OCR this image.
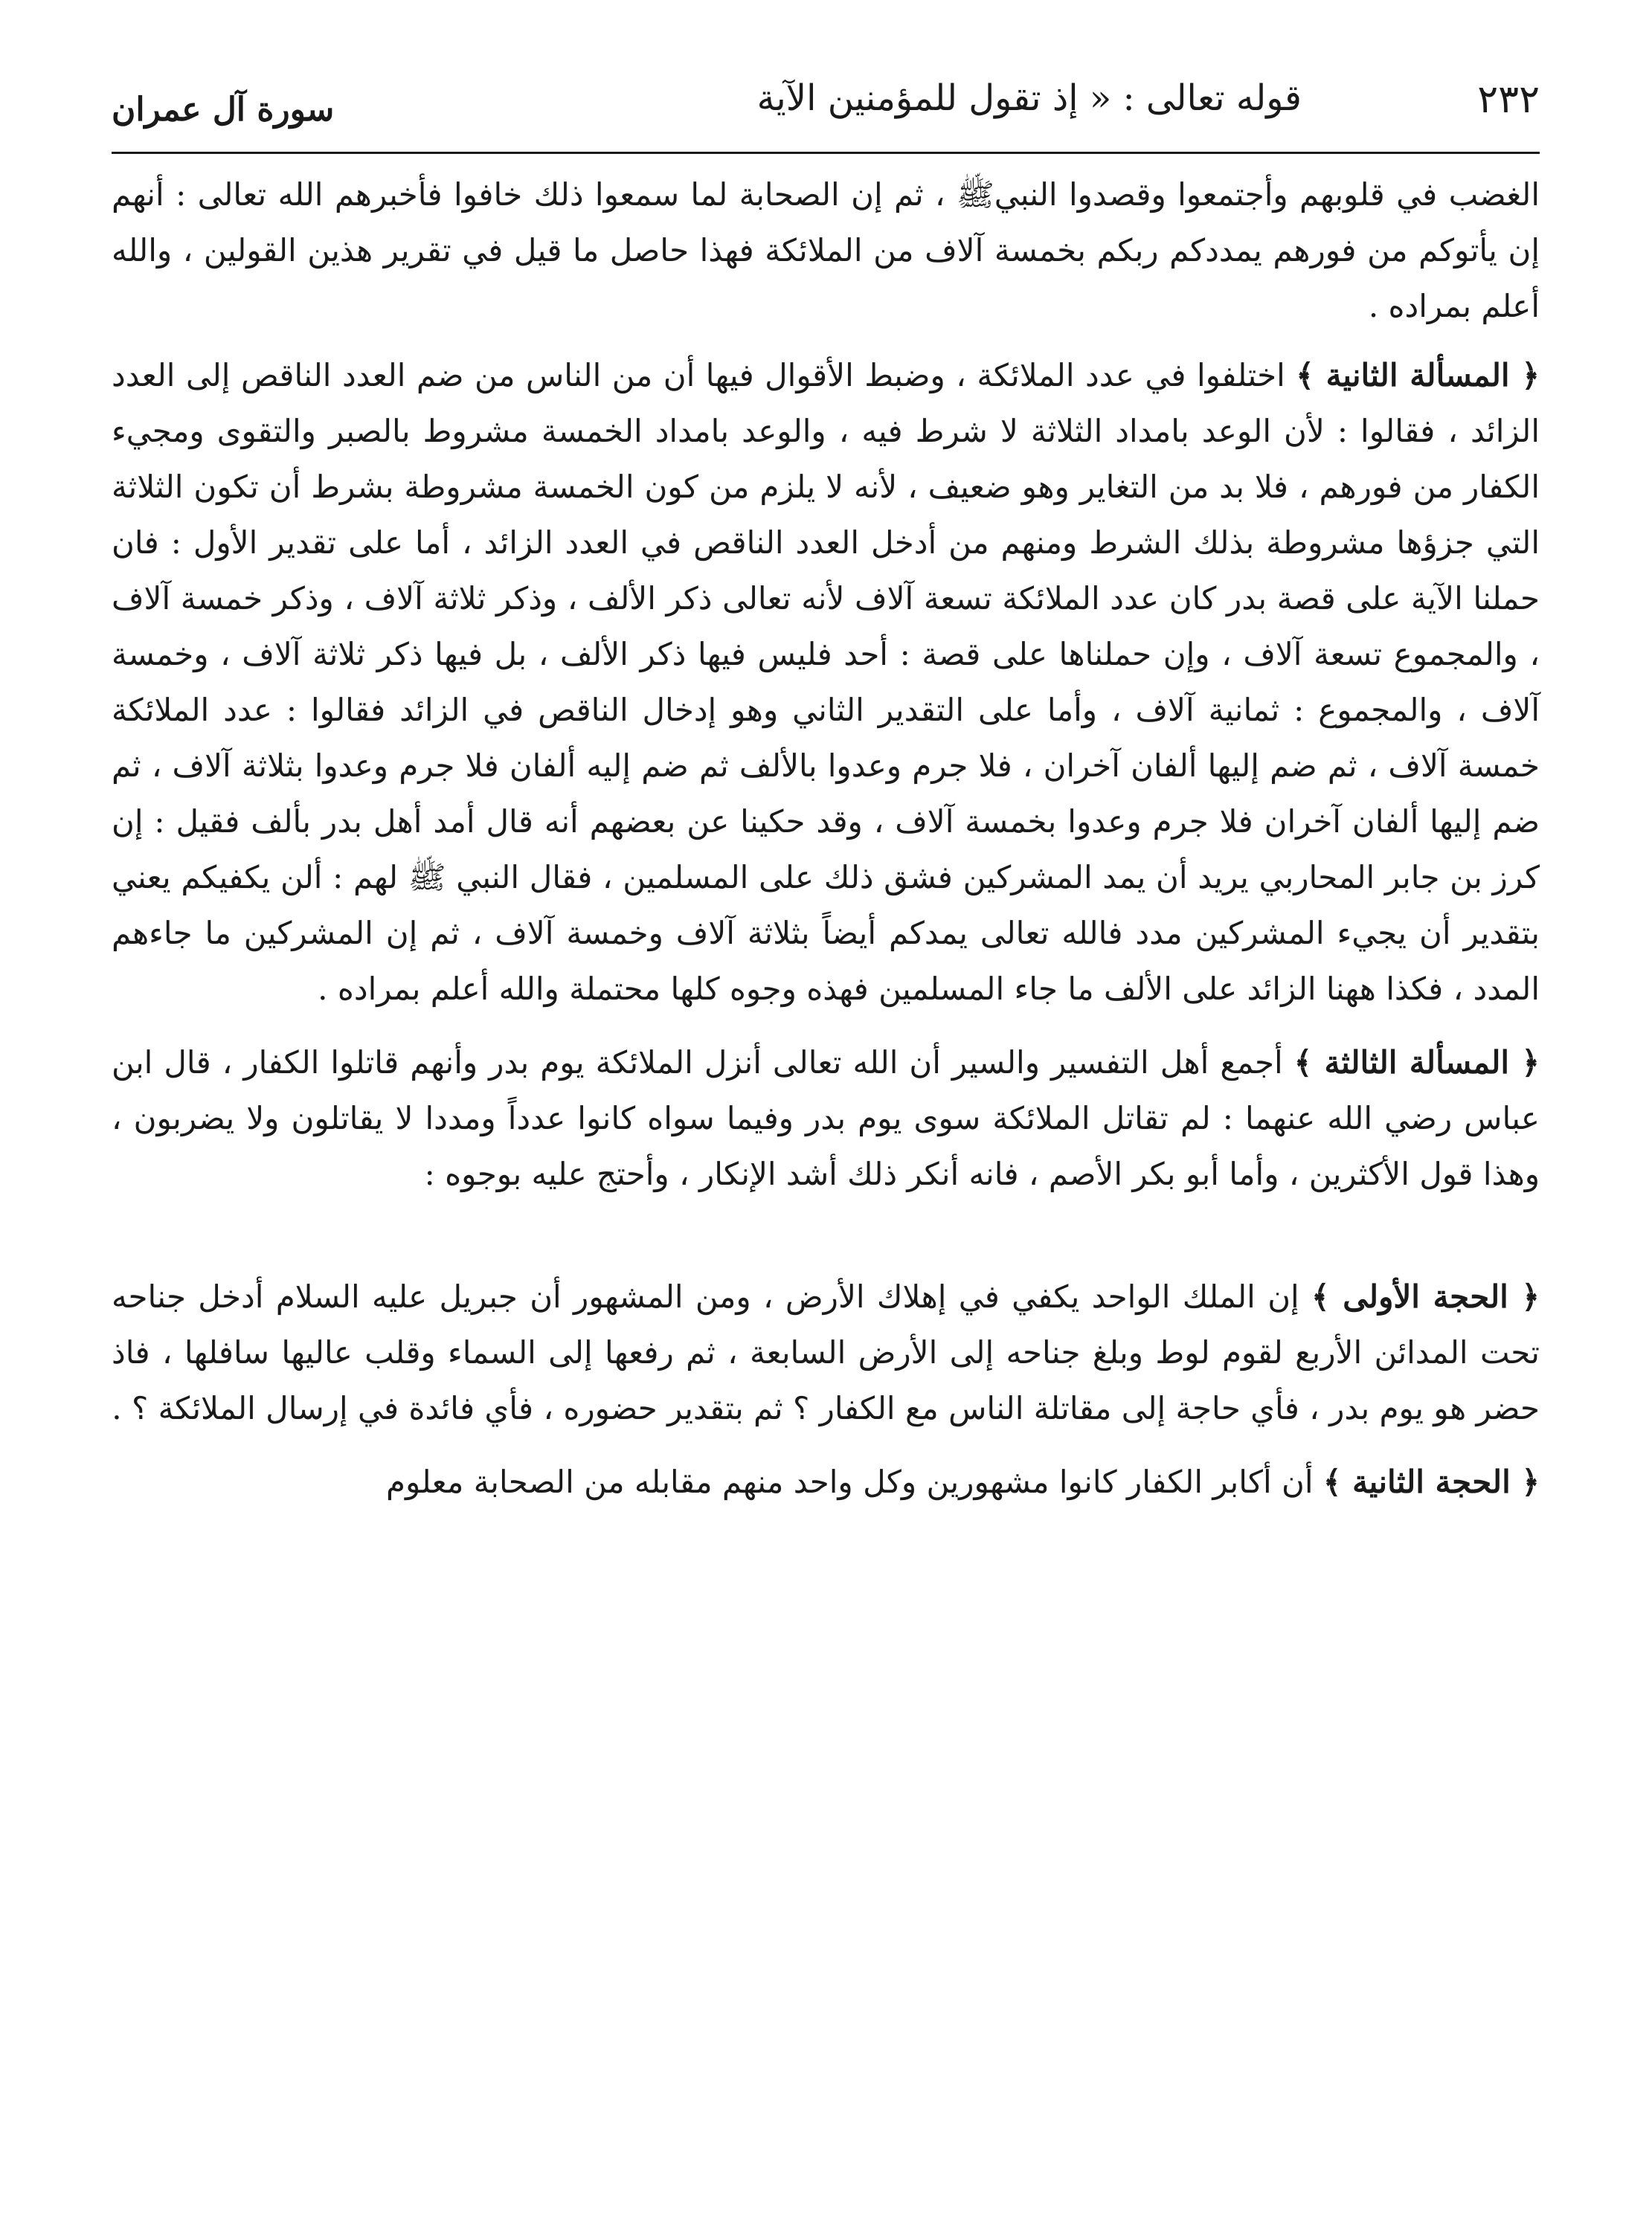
٢٣٢
قوله تعالى : « إذ تقول للمؤمنين الآية
سورة آل عمران

الغضب في قلوبهم وأجتمعوا وقصدوا النبيﷺ ، ثم إن الصحابة لما سمعوا ذلك خافوا فأخبرهم الله تعالى : أنهم إن يأتوكم من فورهم يمددكم ربكم بخمسة آلاف من الملائكة فهذا حاصل ما قيل في تقرير هذين القولين ، والله أعلم بمراده .

﴿ المسألة الثانية ﴾ اختلفوا في عدد الملائكة ، وضبط الأقوال فيها أن من الناس من ضم العدد الناقص إلى العدد الزائد ، فقالوا : لأن الوعد بامداد الثلاثة لا شرط فيه ، والوعد بامداد الخمسة مشروط بالصبر والتقوى ومجيء الكفار من فورهم ، فلا بد من التغاير وهو ضعيف ، لأنه لا يلزم من كون الخمسة مشروطة بشرط أن تكون الثلاثة التي جزؤها مشروطة بذلك الشرط ومنهم من أدخل العدد الناقص في العدد الزائد ، أما على تقدير الأول : فان حملنا الآية على قصة بدر كان عدد الملائكة تسعة آلاف لأنه تعالى ذكر الألف ، وذكر ثلاثة آلاف ، وذكر خمسة آلاف ، والمجموع تسعة آلاف ، وإن حملناها على قصة : أحد فليس فيها ذكر الألف ، بل فيها ذكر ثلاثة آلاف ، وخمسة آلاف ، والمجموع : ثمانية آلاف ، وأما على التقدير الثاني وهو إدخال الناقص في الزائد فقالوا : عدد الملائكة خمسة آلاف ، ثم ضم إليها ألفان آخران ، فلا جرم وعدوا بالألف ثم ضم إليه ألفان فلا جرم وعدوا بثلاثة آلاف ، ثم ضم إليها ألفان آخران فلا جرم وعدوا بخمسة آلاف ، وقد حكينا عن بعضهم أنه قال أمد أهل بدر بألف فقيل : إن كرز بن جابر المحاربي يريد أن يمد المشركين فشق ذلك على المسلمين ، فقال النبي ﷺ لهم : ألن يكفيكم يعني بتقدير أن يجيء المشركين مدد فالله تعالى يمدكم أيضاً بثلاثة آلاف وخمسة آلاف ، ثم إن المشركين ما جاءهم المدد ، فكذا ههنا الزائد على الألف ما جاء المسلمين فهذه وجوه كلها محتملة والله أعلم بمراده .

﴿ المسألة الثالثة ﴾ أجمع أهل التفسير والسير أن الله تعالى أنزل الملائكة يوم بدر وأنهم قاتلوا الكفار ، قال ابن عباس رضي الله عنهما : لم تقاتل الملائكة سوى يوم بدر وفيما سواه كانوا عدداً ومددا لا يقاتلون ولا يضربون ، وهذا قول الأكثرين ، وأما أبو بكر الأصم ، فانه أنكر ذلك أشد الإنكار ، وأحتج عليه بوجوه :

﴿ الحجة الأولى ﴾ إن الملك الواحد يكفي في إهلاك الأرض ، ومن المشهور أن جبريل عليه السلام أدخل جناحه تحت المدائن الأربع لقوم لوط وبلغ جناحه إلى الأرض السابعة ، ثم رفعها إلى السماء وقلب عاليها سافلها ، فاذ حضر هو يوم بدر ، فأي حاجة إلى مقاتلة الناس مع الكفار ؟ ثم بتقدير حضوره ، فأي فائدة في إرسال الملائكة ؟ .

﴿ الحجة الثانية ﴾ أن أكابر الكفار كانوا مشهورين وكل واحد منهم مقابله من الصحابة معلوم
